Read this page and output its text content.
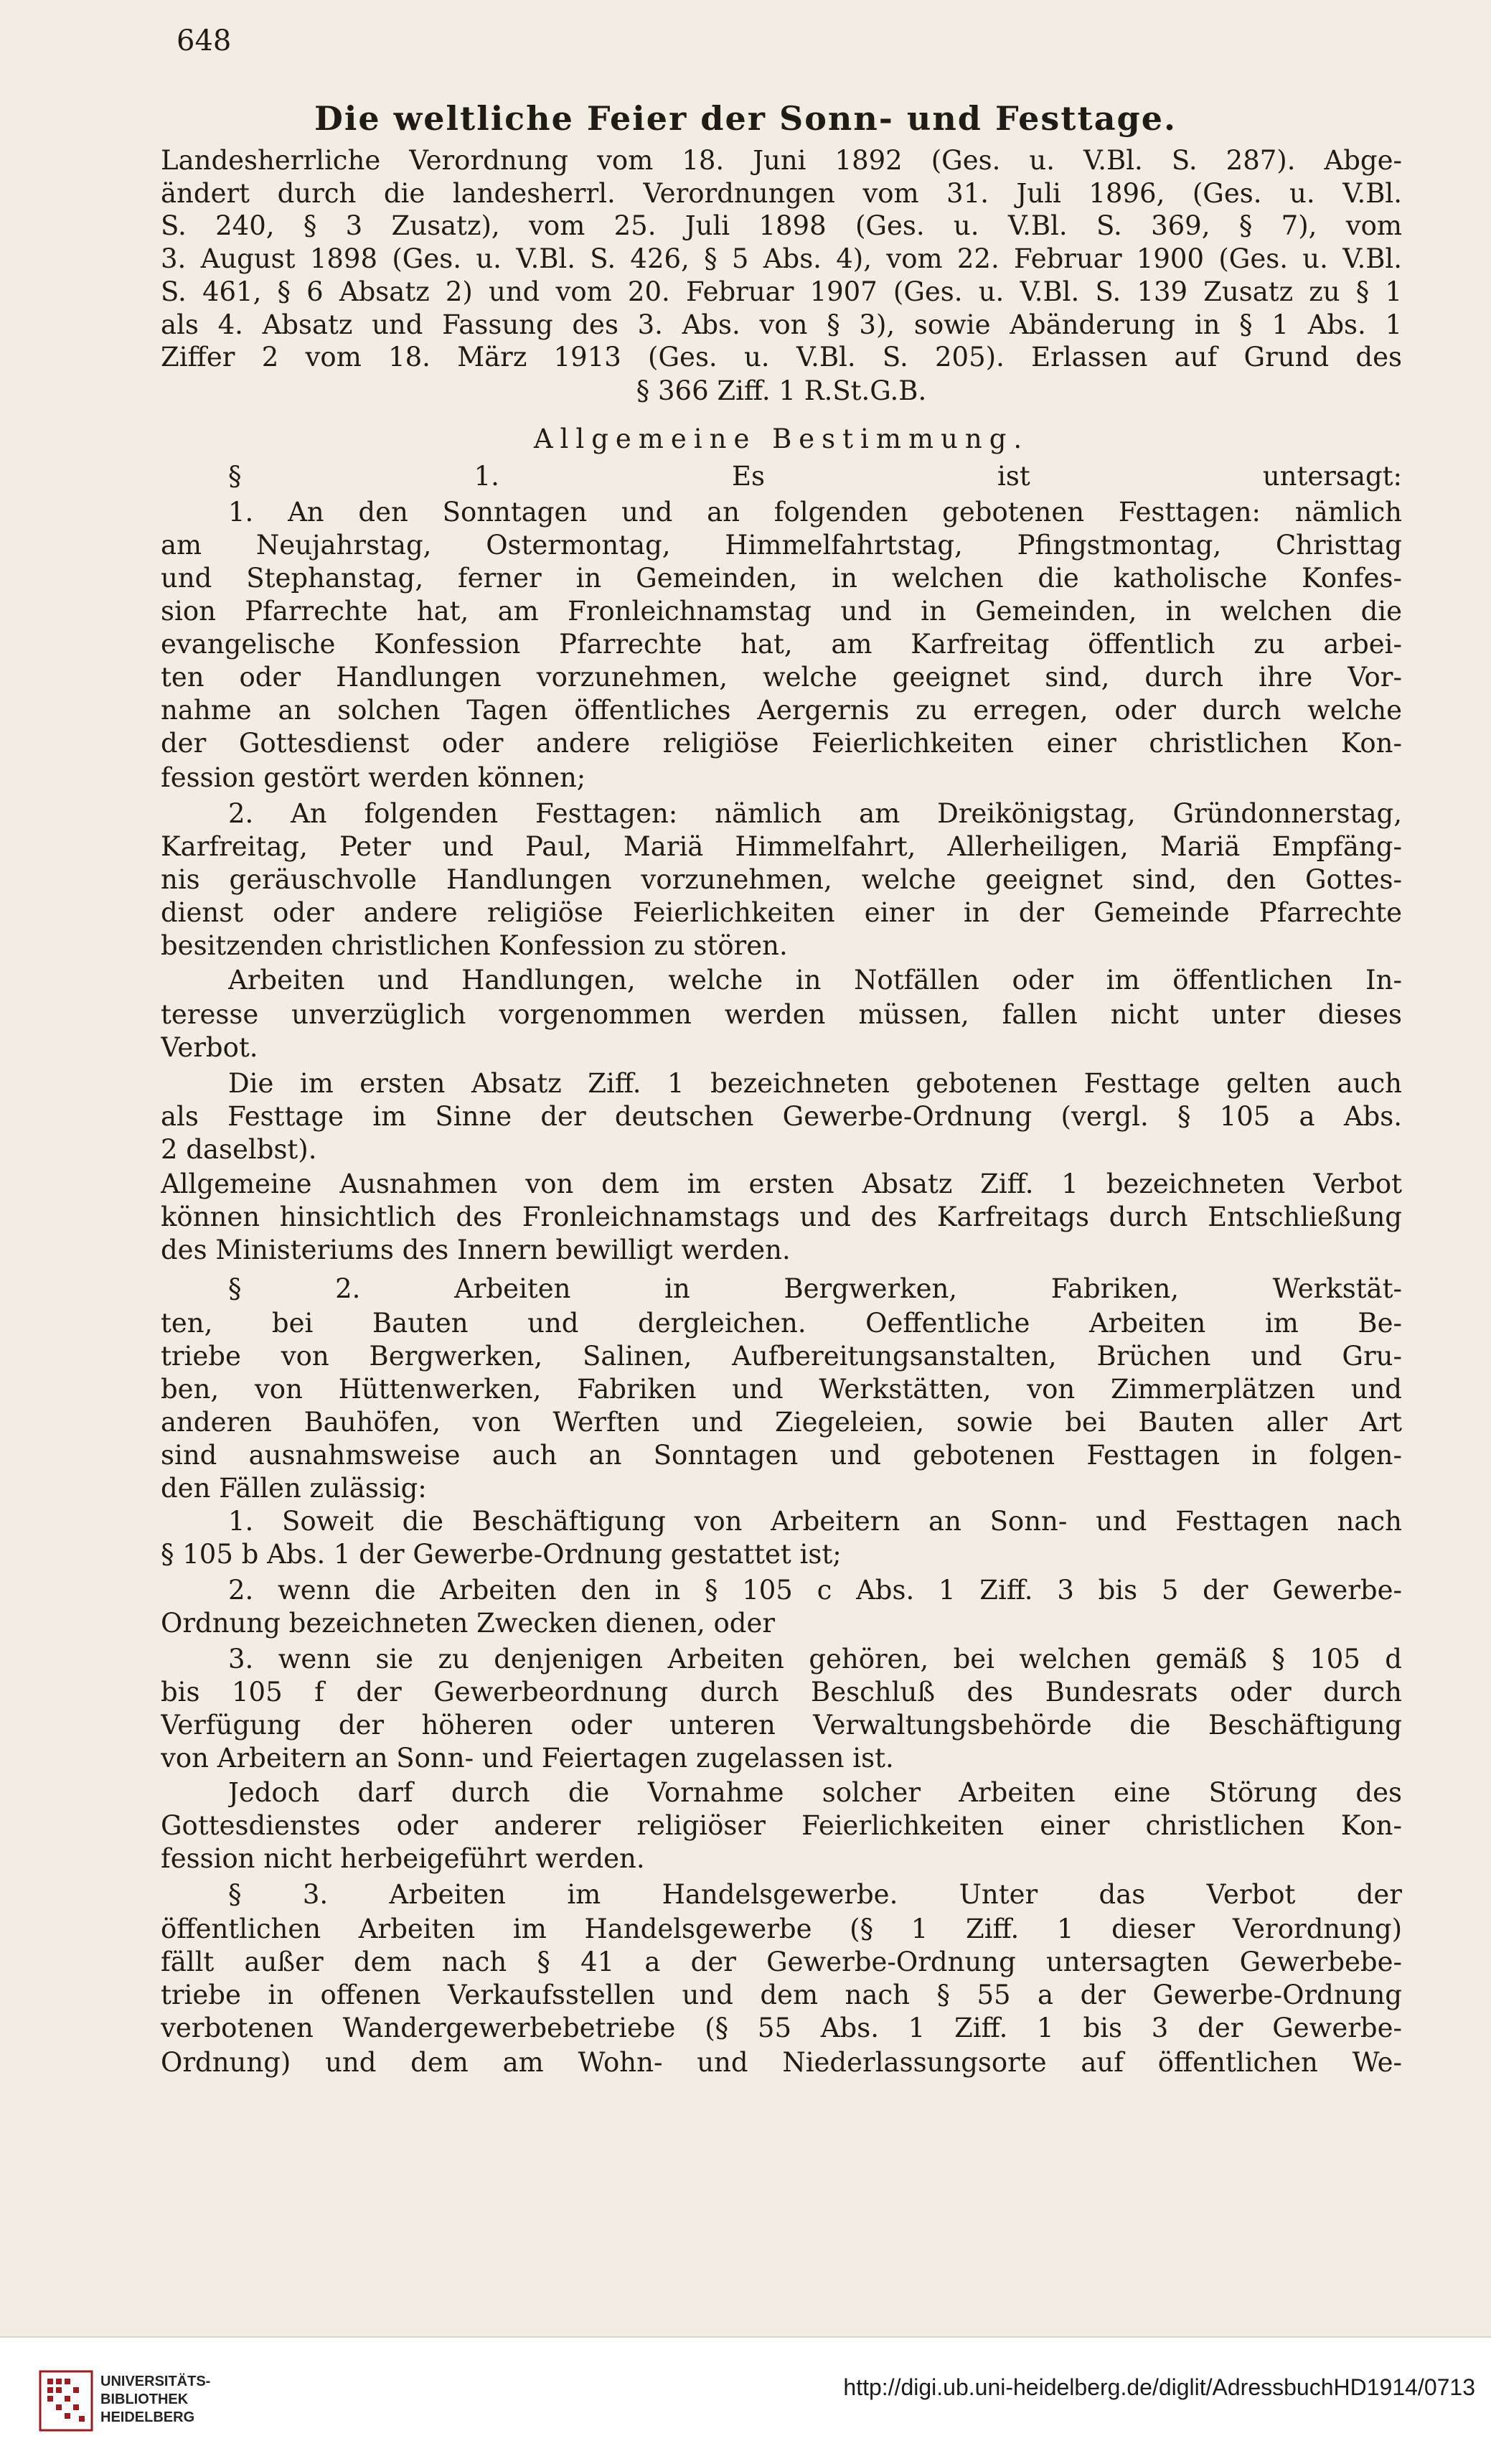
648
Die weltliche Feier der Sonn- und Festtage.
Landesherrliche Verordnung vom 18. Juni 1892 (Ges. u. V.Bl. S. 287). Abge-
ändert durch die landesherrl. Verordnungen vom 31. Juli 1896, (Ges. u. V.Bl.
S. 240, § 3 Zusatz), vom 25. Juli 1898 (Ges. u. V.Bl. S. 369, § 7), vom
3. August 1898 (Ges. u. V.Bl. S. 426, § 5 Abs. 4), vom 22. Februar 1900 (Ges. u. V.Bl.
S. 461, § 6 Absatz 2) und vom 20. Februar 1907 (Ges. u. V.Bl. S. 139 Zusatz zu § 1
als 4. Absatz und Fassung des 3. Abs. von § 3), sowie Abänderung in § 1 Abs. 1
Ziffer 2 vom 18. März 1913 (Ges. u. V.Bl. S. 205). Erlassen auf Grund des
§ 366 Ziff. 1 R.St.G.B.
Allgemeine Bestimmung.
§ 1. Es ist untersagt:
1. An den Sonntagen und an folgenden gebotenen Festtagen: nämlich
am Neujahrstag, Ostermontag, Himmelfahrtstag, Pfingstmontag, Christtag
und Stephanstag, ferner in Gemeinden, in welchen die katholische Konfes-
sion Pfarrechte hat, am Fronleichnamstag und in Gemeinden, in welchen die
evangelische Konfession Pfarrechte hat, am Karfreitag öffentlich zu arbei-
ten oder Handlungen vorzunehmen, welche geeignet sind, durch ihre Vor-
nahme an solchen Tagen öffentliches Aergernis zu erregen, oder durch welche
der Gottesdienst oder andere religiöse Feierlichkeiten einer christlichen Kon-
fession gestört werden können;
2. An folgenden Festtagen: nämlich am Dreikönigstag, Gründonnerstag,
Karfreitag, Peter und Paul, Mariä Himmelfahrt, Allerheiligen, Mariä Empfäng-
nis geräuschvolle Handlungen vorzunehmen, welche geeignet sind, den Gottes-
dienst oder andere religiöse Feierlichkeiten einer in der Gemeinde Pfarrechte
besitzenden christlichen Konfession zu stören.
Arbeiten und Handlungen, welche in Notfällen oder im öffentlichen In-
teresse unverzüglich vorgenommen werden müssen, fallen nicht unter dieses
Verbot.
Die im ersten Absatz Ziff. 1 bezeichneten gebotenen Festtage gelten auch
als Festtage im Sinne der deutschen Gewerbe-Ordnung (vergl. § 105 a Abs.
2 daselbst).
Allgemeine Ausnahmen von dem im ersten Absatz Ziff. 1 bezeichneten Verbot
können hinsichtlich des Fronleichnamstags und des Karfreitags durch Entschließung
des Ministeriums des Innern bewilligt werden.
§ 2. Arbeiten in Bergwerken, Fabriken, Werkstät-
ten, bei Bauten und dergleichen. Oeffentliche Arbeiten im Be-
triebe von Bergwerken, Salinen, Aufbereitungsanstalten, Brüchen und Gru-
ben, von Hüttenwerken, Fabriken und Werkstätten, von Zimmerplätzen und
anderen Bauhöfen, von Werften und Ziegeleien, sowie bei Bauten aller Art
sind ausnahmsweise auch an Sonntagen und gebotenen Festtagen in folgen-
den Fällen zulässig:
1. Soweit die Beschäftigung von Arbeitern an Sonn- und Festtagen nach
§ 105 b Abs. 1 der Gewerbe-Ordnung gestattet ist;
2. wenn die Arbeiten den in § 105 c Abs. 1 Ziff. 3 bis 5 der Gewerbe-
Ordnung bezeichneten Zwecken dienen, oder
3. wenn sie zu denjenigen Arbeiten gehören, bei welchen gemäß § 105 d
bis 105 f der Gewerbeordnung durch Beschluß des Bundesrats oder durch
Verfügung der höheren oder unteren Verwaltungsbehörde die Beschäftigung
von Arbeitern an Sonn- und Feiertagen zugelassen ist.
Jedoch darf durch die Vornahme solcher Arbeiten eine Störung des
Gottesdienstes oder anderer religiöser Feierlichkeiten einer christlichen Kon-
fession nicht herbeigeführt werden.
§ 3. Arbeiten im Handelsgewerbe. Unter das Verbot der
öffentlichen Arbeiten im Handelsgewerbe (§ 1 Ziff. 1 dieser Verordnung)
fällt außer dem nach § 41 a der Gewerbe-Ordnung untersagten Gewerbebe-
triebe in offenen Verkaufsstellen und dem nach § 55 a der Gewerbe-Ordnung
verbotenen Wandergewerbebetriebe (§ 55 Abs. 1 Ziff. 1 bis 3 der Gewerbe-
Ordnung) und dem am Wohn- und Niederlassungsorte auf öffentlichen We-
UNIVERSITÄTS-
BIBLIOTHEK
HEIDELBERG
http://digi.ub.uni-heidelberg.de/diglit/AdressbuchHD1914/0713
